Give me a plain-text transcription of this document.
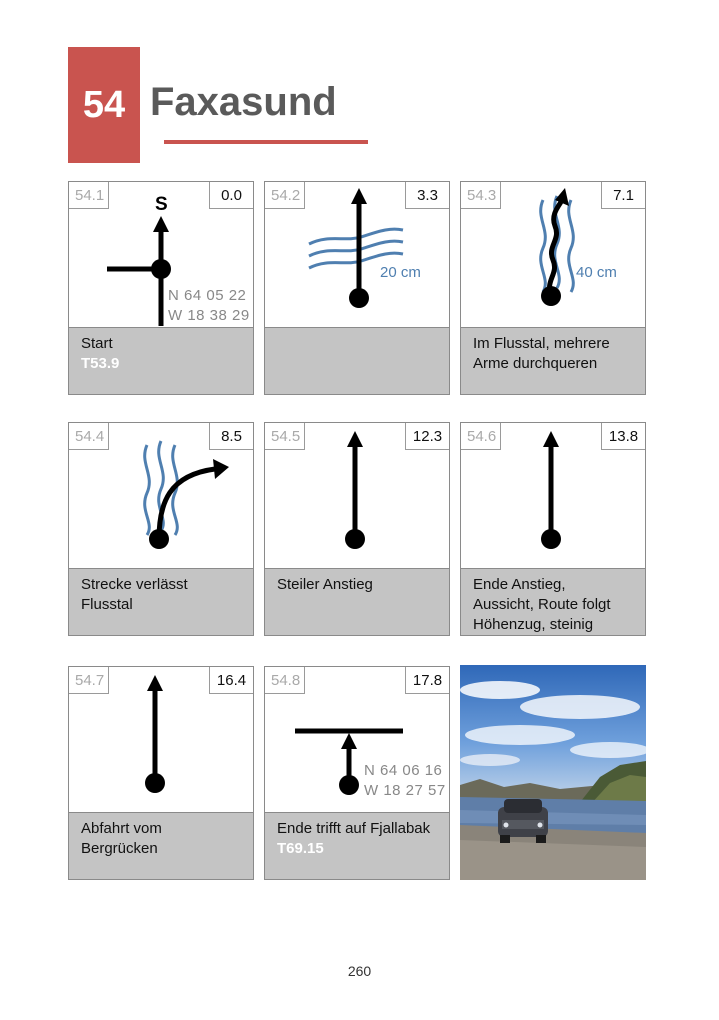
54 Faxasund
54.1	0.0
S
N 64 05 22
W 18 38 29
Start
T53.9
54.2	3.3
20 cm
54.3	7.1
40 cm
Im Flusstal, mehrere
Arme durchqueren
54.4	8.5
Strecke verlässt
Flusstal
54.5	12.3
Steiler Anstieg
54.6	13.8
Ende Anstieg,
Aussicht, Route folgt
Höhenzug, steinig
54.7	16.4
Abfahrt vom
Bergrücken
54.8	17.8
N 64 06 16
W 18 27 57
Ende trifft auf Fjallabak
T69.15
260
